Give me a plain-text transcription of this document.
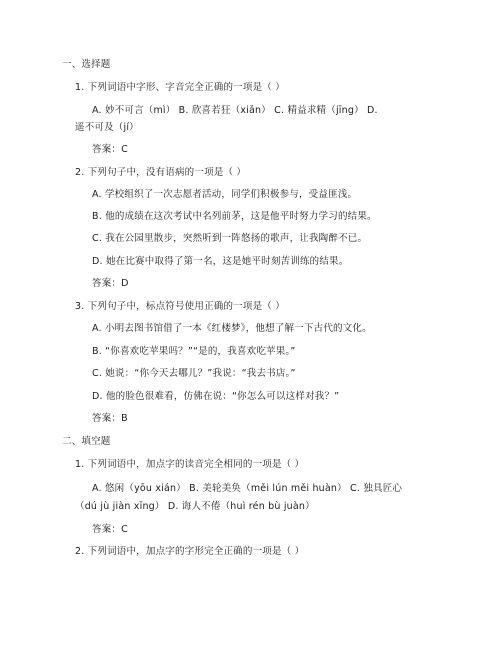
一、选择题
1. 下列词语中字形、字音完全正确的一项是（ ）
A. 妙不可言（mì） B. 欣喜若狂（xiǎn） C. 精益求精（jīng） D.
遥不可及（jí）
答案：C
2. 下列句子中，没有语病的一项是（ ）
A. 学校组织了一次志愿者活动，同学们积极参与，受益匪浅。
B. 他的成绩在这次考试中名列前茅，这是他平时努力学习的结果。
C. 我在公园里散步，突然听到一阵悠扬的歌声，让我陶醉不已。
D. 她在比赛中取得了第一名，这是她平时刻苦训练的结果。
答案：D
3. 下列句子中，标点符号使用正确的一项是（ ）
A. 小明去图书馆借了一本《红楼梦》，他想了解一下古代的文化。
B. “你喜欢吃苹果吗？”“是的，我喜欢吃苹果。”
C. 她说：“你今天去哪儿？”我说：“我去书店。”
D. 他的脸色很难看，仿佛在说：“你怎么可以这样对我？”
答案：B
二、填空题
1. 下列词语中，加点字的读音完全相同的一项是（ ）
A. 悠闲（yōu xián） B. 美轮美奂（měi lún měi huàn） C. 独具匠心
（dú jù jiàn xīng） D. 诲人不倦（huì rén bù juàn）
答案：C
2. 下列词语中，加点字的字形完全正确的一项是（ ）
